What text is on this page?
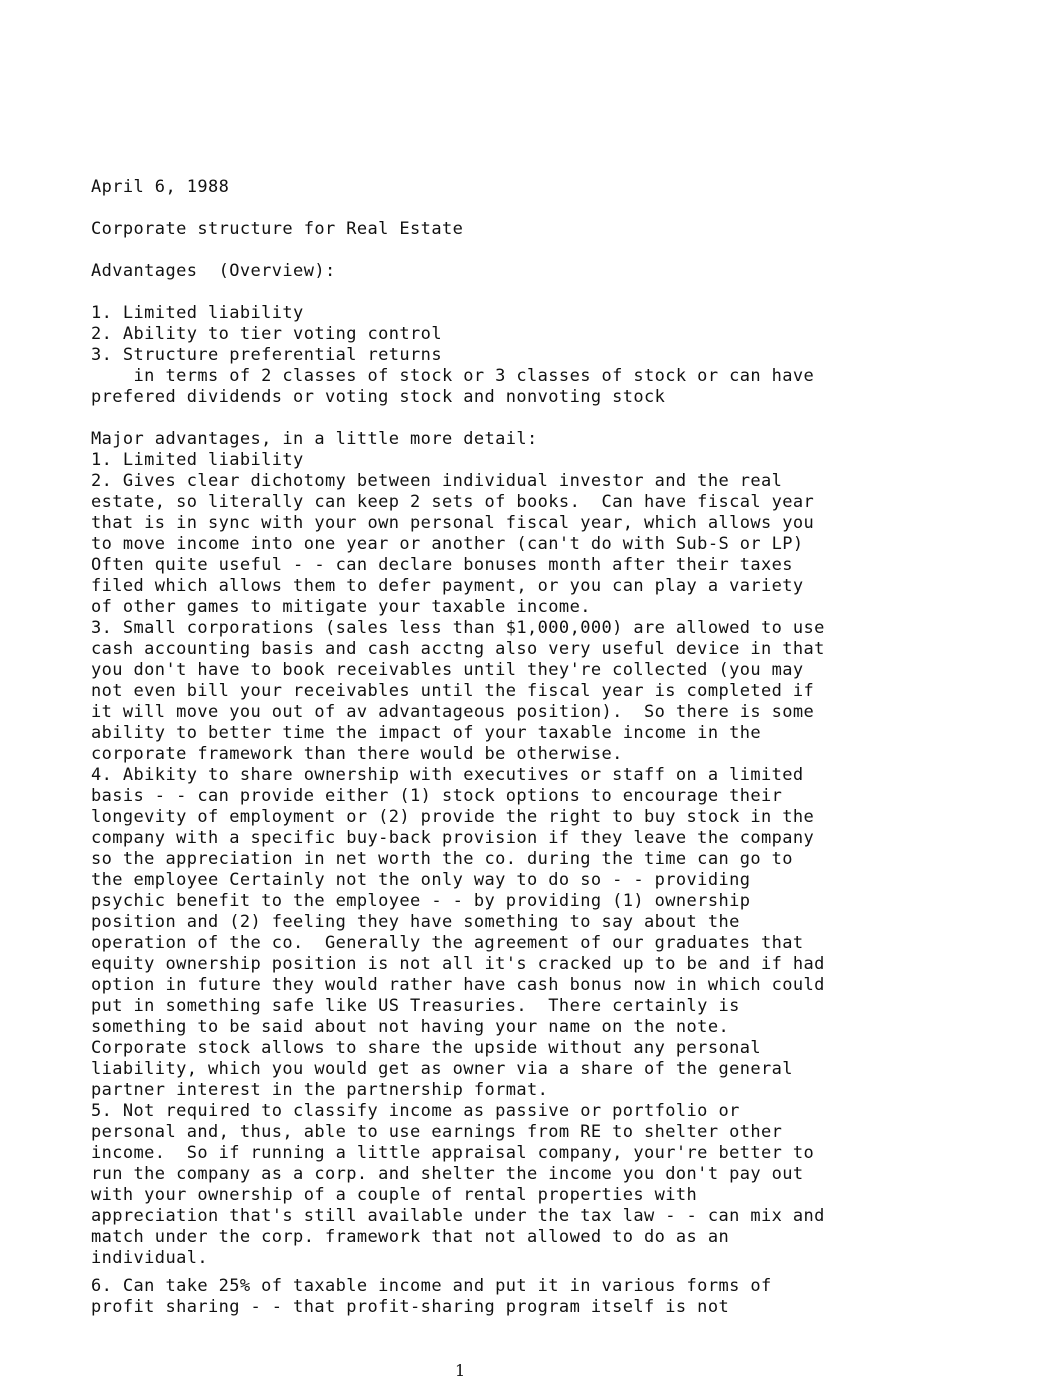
April 6, 1988
Corporate structure for Real Estate
Advantages  (Overview):
1. Limited liability
2. Ability to tier voting control
3. Structure preferential returns
in terms of 2 classes of stock or 3 classes of stock or can have
prefered dividends or voting stock and nonvoting stock
Major advantages, in a little more detail:
1. Limited liability
2. Gives clear dichotomy between individual investor and the real
estate, so literally can keep 2 sets of books.  Can have fiscal year
that is in sync with your own personal fiscal year, which allows you
to move income into one year or another (can't do with Sub-S or LP)
Often quite useful - - can declare bonuses month after their taxes
filed which allows them to defer payment, or you can play a variety
of other games to mitigate your taxable income.
3. Small corporations (sales less than $1,000,000) are allowed to use
cash accounting basis and cash acctng also very useful device in that
you don't have to book receivables until they're collected (you may
not even bill your receivables until the fiscal year is completed if
it will move you out of av advantageous position).  So there is some
ability to better time the impact of your taxable income in the
corporate framework than there would be otherwise.
4. Abikity to share ownership with executives or staff on a limited
basis - - can provide either (1) stock options to encourage their
longevity of employment or (2) provide the right to buy stock in the
company with a specific buy-back provision if they leave the company
so the appreciation in net worth the co. during the time can go to
the employee Certainly not the only way to do so - - providing
psychic benefit to the employee - - by providing (1) ownership
position and (2) feeling they have something to say about the
operation of the co.  Generally the agreement of our graduates that
equity ownership position is not all it's cracked up to be and if had
option in future they would rather have cash bonus now in which could
put in something safe like US Treasuries.  There certainly is
something to be said about not having your name on the note.
Corporate stock allows to share the upside without any personal
liability, which you would get as owner via a share of the general
partner interest in the partnership format.
5. Not required to classify income as passive or portfolio or
personal and, thus, able to use earnings from RE to shelter other
income.  So if running a little appraisal company, your're better to
run the company as a corp. and shelter the income you don't pay out
with your ownership of a couple of rental properties with
appreciation that's still available under the tax law - - can mix and
match under the corp. framework that not allowed to do as an
individual.
6. Can take 25% of taxable income and put it in various forms of
profit sharing - - that profit-sharing program itself is not
1
